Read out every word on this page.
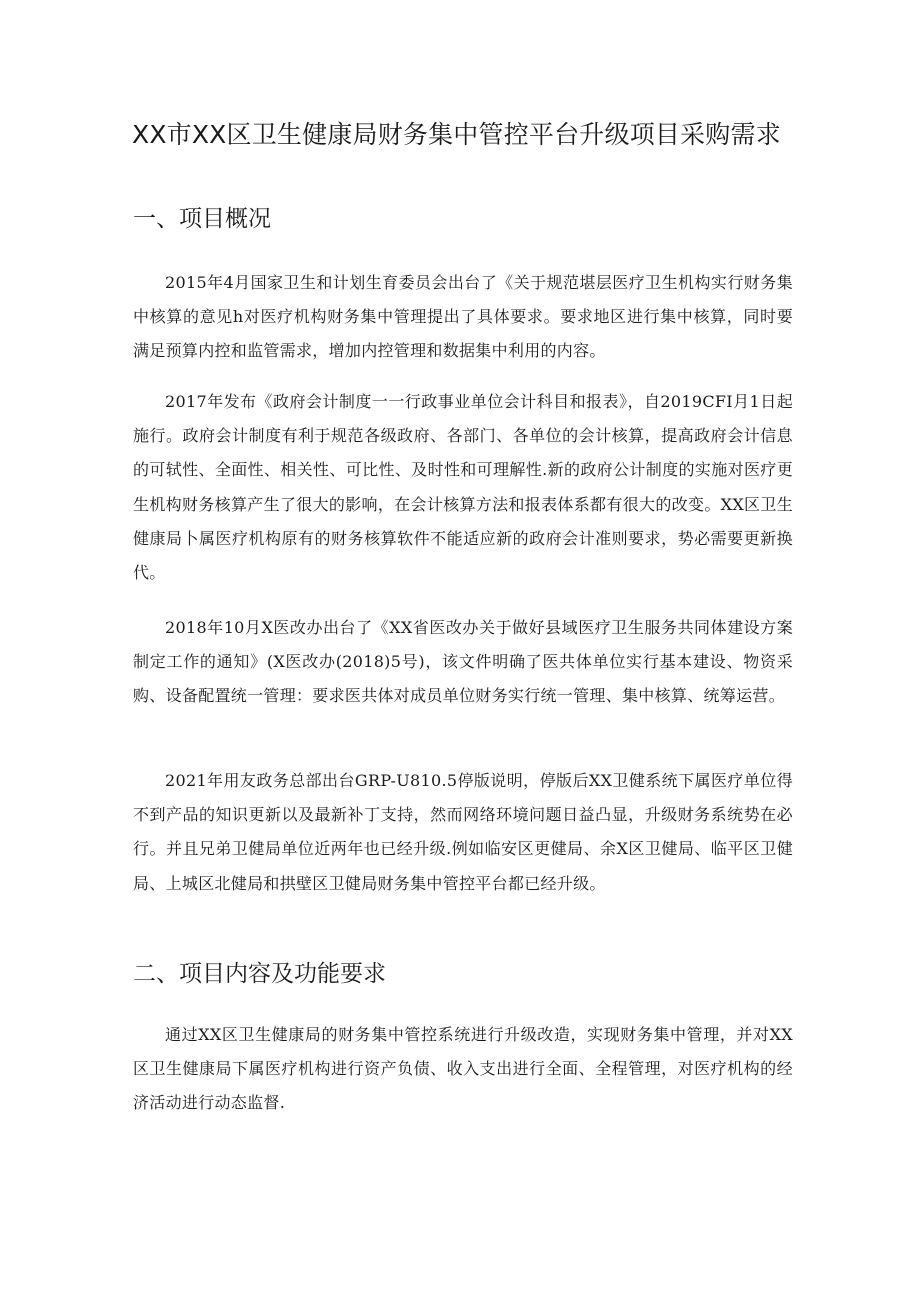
XX市XX区卫生健康局财务集中管控平台升级项目采购需求
一、项目概况

2015年4月国家卫生和计划生育委员会出台了《关于规范堪层医疗卫生机构实行财务集中核算的意见h对医疗机构财务集中管理提出了具体要求。要求地区进行集中核算，同时要满足预算内控和监管需求，增加内控管理和数据集中利用的内容。

2017年发布《政府会计制度一一行政事业单位会计科目和报表》，自2019CFI月1日起施行。政府会计制度有利于规范各级政府、各部门、各单位的会计核算，提高政府会计信息的可轼性、全面性、相关性、可比性、及时性和可理解性.新的政府公计制度的实施对医疗更生机构财务核算产生了很大的影响，在会计核算方法和报表体系都有很大的改变。XX区卫生健康局卜属医疗机构原有的财务核算软件不能适应新的政府会计准则要求，势必需要更新换代。

2018年10月X医改办出台了《XX省医改办关于做好县域医疗卫生服务共同体建设方案制定工作的通知》(X医改办(2018)5号)，该文件明确了医共体单位实行基本建设、物资采购、设备配置统一管理：要求医共体对成员单位财务实行统一管理、集中核算、统筹运营。

2021年用友政务总部出台GRP-U810.5停版说明，停版后XX卫健系统下属医疗单位得不到产品的知识更新以及最新补丁支持，然而网络环境问题日益凸显，升级财务系统势在必行。并且兄弟卫健局单位近两年也已经升级.例如临安区更健局、余X区卫健局、临平区卫健局、上城区北健局和拱壁区卫健局财务集中管控平台都已经升级。

二、项目内容及功能要求

通过XX区卫生健康局的财务集中管控系统进行升级改造，实现财务集中管理，并对XX区卫生健康局下属医疗机构进行资产负债、收入支出进行全面、全程管理，对医疗机构的经济活动进行动态监督.
